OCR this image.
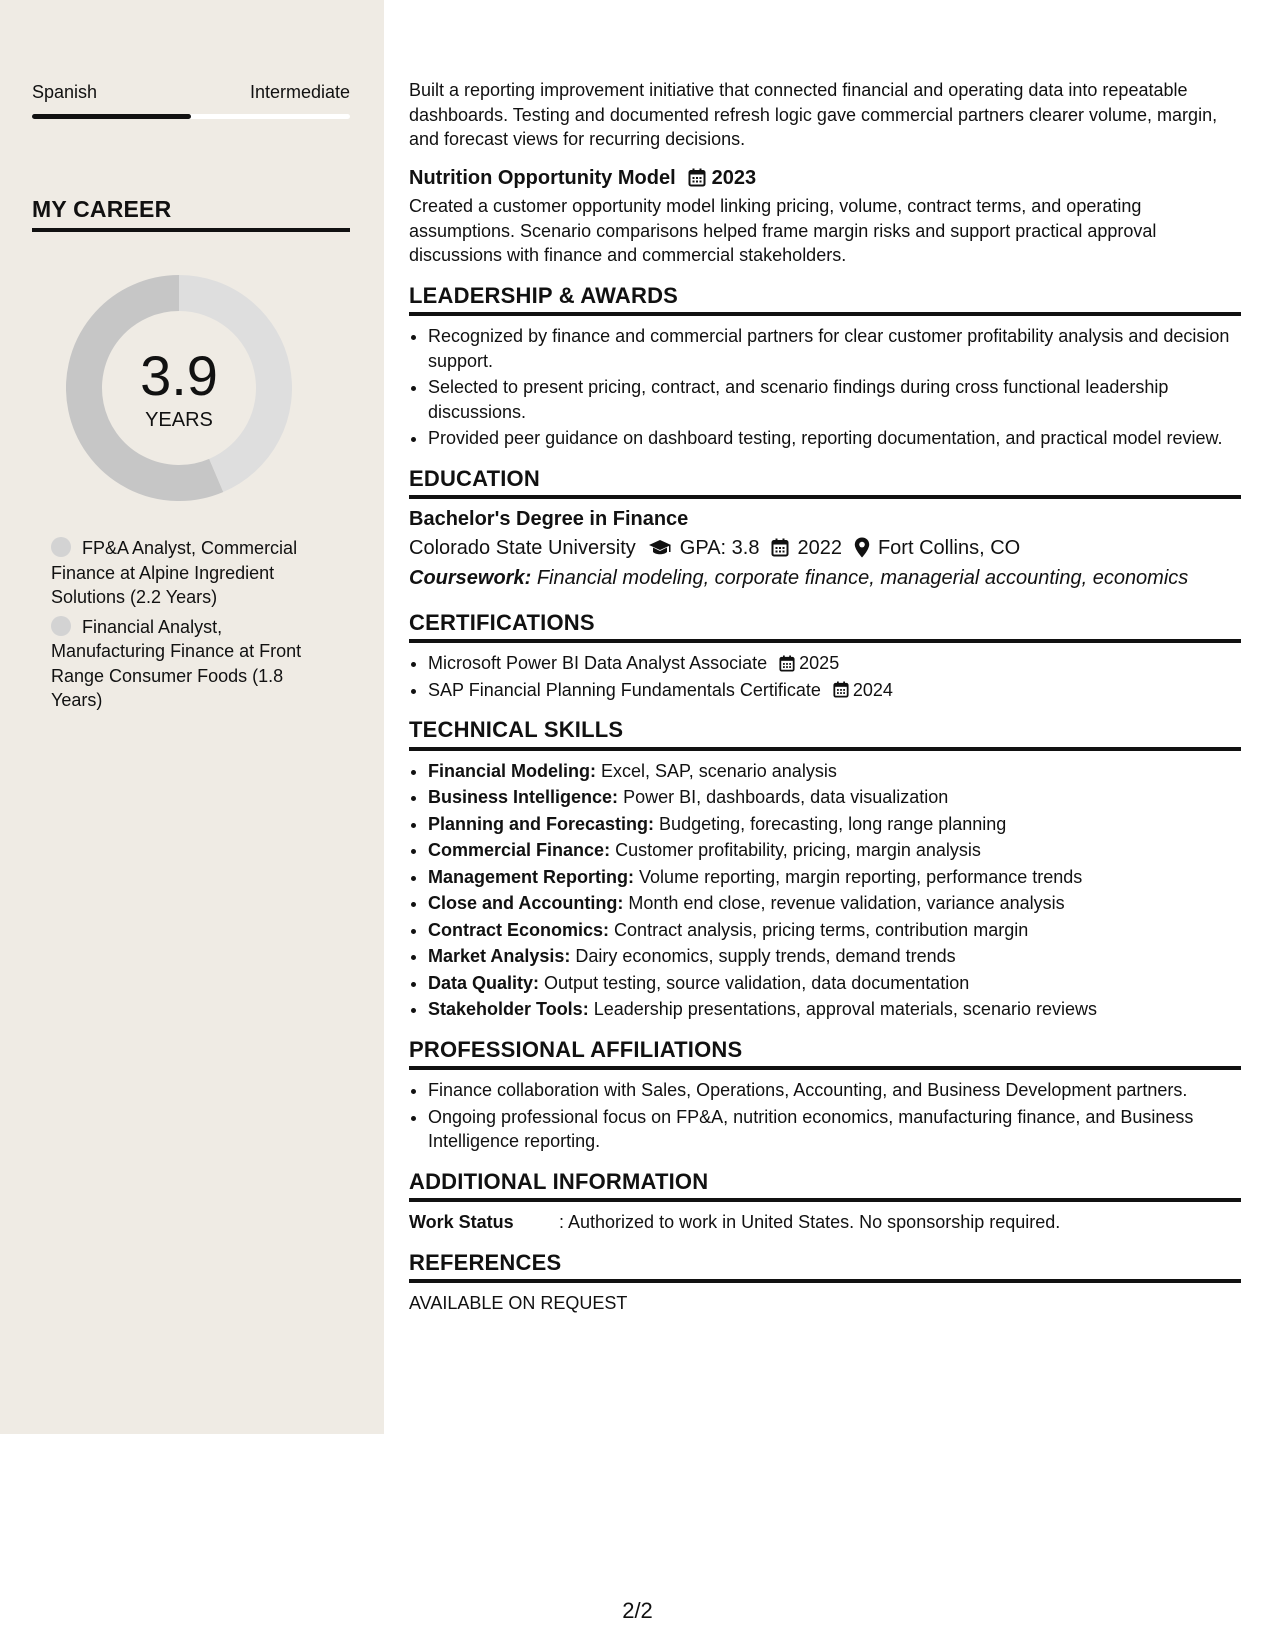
Spanish	Intermediate
MY CAREER
3.9
YEARS
FP&A Analyst, Commercial Finance at Alpine Ingredient Solutions (2.2 Years)
Financial Analyst, Manufacturing Finance at Front Range Consumer Foods (1.8 Years)

Built a reporting improvement initiative that connected financial and operating data into repeatable dashboards. Testing and documented refresh logic gave commercial partners clearer volume, margin, and forecast views for recurring decisions.

Nutrition Opportunity Model 2023

Created a customer opportunity model linking pricing, volume, contract terms, and operating assumptions. Scenario comparisons helped frame margin risks and support practical approval discussions with finance and commercial stakeholders.

LEADERSHIP & AWARDS
• Recognized by finance and commercial partners for clear customer profitability analysis and decision support.
• Selected to present pricing, contract, and scenario findings during cross functional leadership discussions.
• Provided peer guidance on dashboard testing, reporting documentation, and practical model review.
EDUCATION
Bachelor's Degree in Finance
Colorado State University GPA: 3.8 2022 Fort Collins, CO
Coursework: Financial modeling, corporate finance, managerial accounting, economics
CERTIFICATIONS
• Microsoft Power BI Data Analyst Associate 2025
• SAP Financial Planning Fundamentals Certificate 2024
TECHNICAL SKILLS
• Financial Modeling: Excel, SAP, scenario analysis
• Business Intelligence: Power BI, dashboards, data visualization
• Planning and Forecasting: Budgeting, forecasting, long range planning
• Commercial Finance: Customer profitability, pricing, margin analysis
• Management Reporting: Volume reporting, margin reporting, performance trends
• Close and Accounting: Month end close, revenue validation, variance analysis
• Contract Economics: Contract analysis, pricing terms, contribution margin
• Market Analysis: Dairy economics, supply trends, demand trends
• Data Quality: Output testing, source validation, data documentation
• Stakeholder Tools: Leadership presentations, approval materials, scenario reviews
PROFESSIONAL AFFILIATIONS
• Finance collaboration with Sales, Operations, Accounting, and Business Development partners.
• Ongoing professional focus on FP&A, nutrition economics, manufacturing finance, and Business Intelligence reporting.
ADDITIONAL INFORMATION
Work Status	: Authorized to work in United States. No sponsorship required.
REFERENCES

AVAILABLE ON REQUEST

2/2
